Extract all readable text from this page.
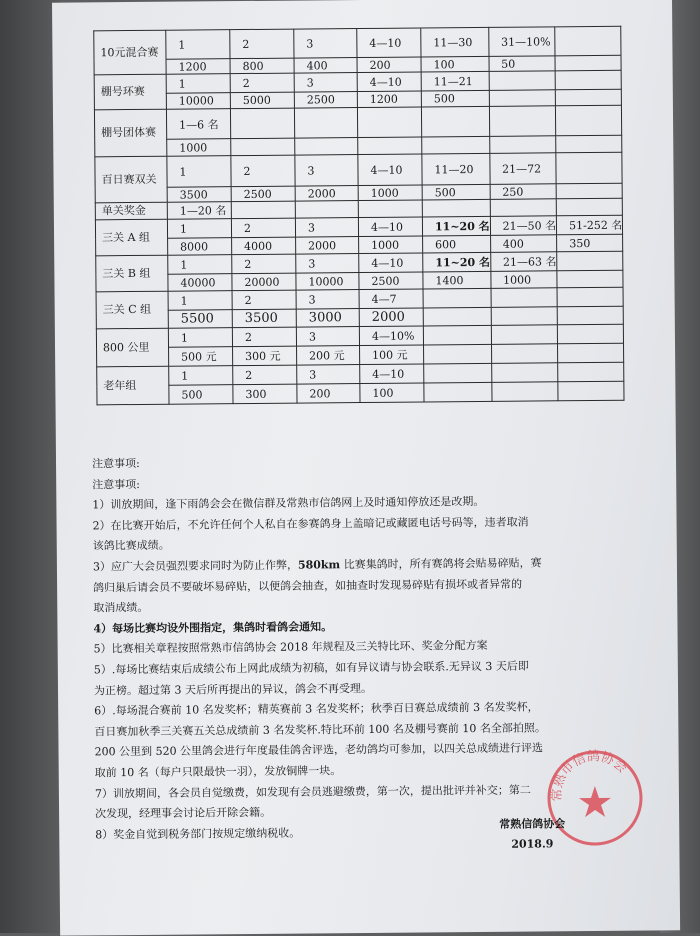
10元混合赛	1	2	3	4—10	11—30	31—10%	
	1200	800	400	200	100	50	
棚号环赛	1	2	3	4—10	11—21		
	10000	5000	2500	1200	500		
棚号团体赛	1—6 名						
	1000						
百日赛双关	1	2	3	4—10	11—20	21—72	
	3500	2500	2000	1000	500	250	
单关奖金	1—20 名						
三关 A 组	1	2	3	4—10	11~20 名	21—50 名	51-252 名
	8000	4000	2000	1000	600	400	350
三关 B 组	1	2	3	4—10	11~20 名	21—63 名	
	40000	20000	10000	2500	1400	1000	
三关 C 组	1	2	3	4—7			
	5500	3500	3000	2000			
800 公里	1	2	3	4—10%			
	500 元	300 元	200 元	100 元			
老年组	1	2	3	4—10			
	500	300	200	100			

注意事项:

注意事项:

1）训放期间，逢下雨鸽会会在微信群及常熟市信鸽网上及时通知停放还是改期。

2）在比赛开始后，不允许任何个人私自在参赛鸽身上盖暗记或藏匿电话号码等，违者取消

该鸽比赛成绩。

3）应广大会员强烈要求同时为防止作弊，580km 比赛集鸽时，所有赛鸽将会贴易碎贴，赛

鸽归巢后请会员不要破坏易碎贴，以便鸽会抽查，如抽查时发现易碎贴有损坏或者异常的

取消成绩。

4）每场比赛均设外围指定，集鸽时看鸽会通知。

5）比赛相关章程按照常熟市信鸽协会 2018 年规程及三关特比环、奖金分配方案

5）.每场比赛结束后成绩公布上网此成绩为初稿，如有异议请与协会联系.无异议 3 天后即

为正榜。超过第 3 天后所再提出的异议，鸽会不再受理。

6）.每场混合赛前 10 名发奖杯；精英赛前 3 名发奖杯；秋季百日赛总成绩前 3 名发奖杯，

百日赛加秋季三关赛五关总成绩前 3 名发奖杯.特比环前 100 名及棚号赛前 10 名全部拍照。

200 公里到 520 公里鸽会进行年度最佳鸽舍评选，老幼鸽均可参加，以四关总成绩进行评选

取前 10 名（每户只限最快一羽），发放铜牌一块。

7）训放期间，各会员自觉缴费，如发现有会员逃避缴费，第一次，提出批评并补交；第二

次发现，经理事会讨论后开除会籍。

8）奖金自觉到税务部门按规定缴纳税收。

常熟市信鸽协会
常熟信鸽协会
2018.9
